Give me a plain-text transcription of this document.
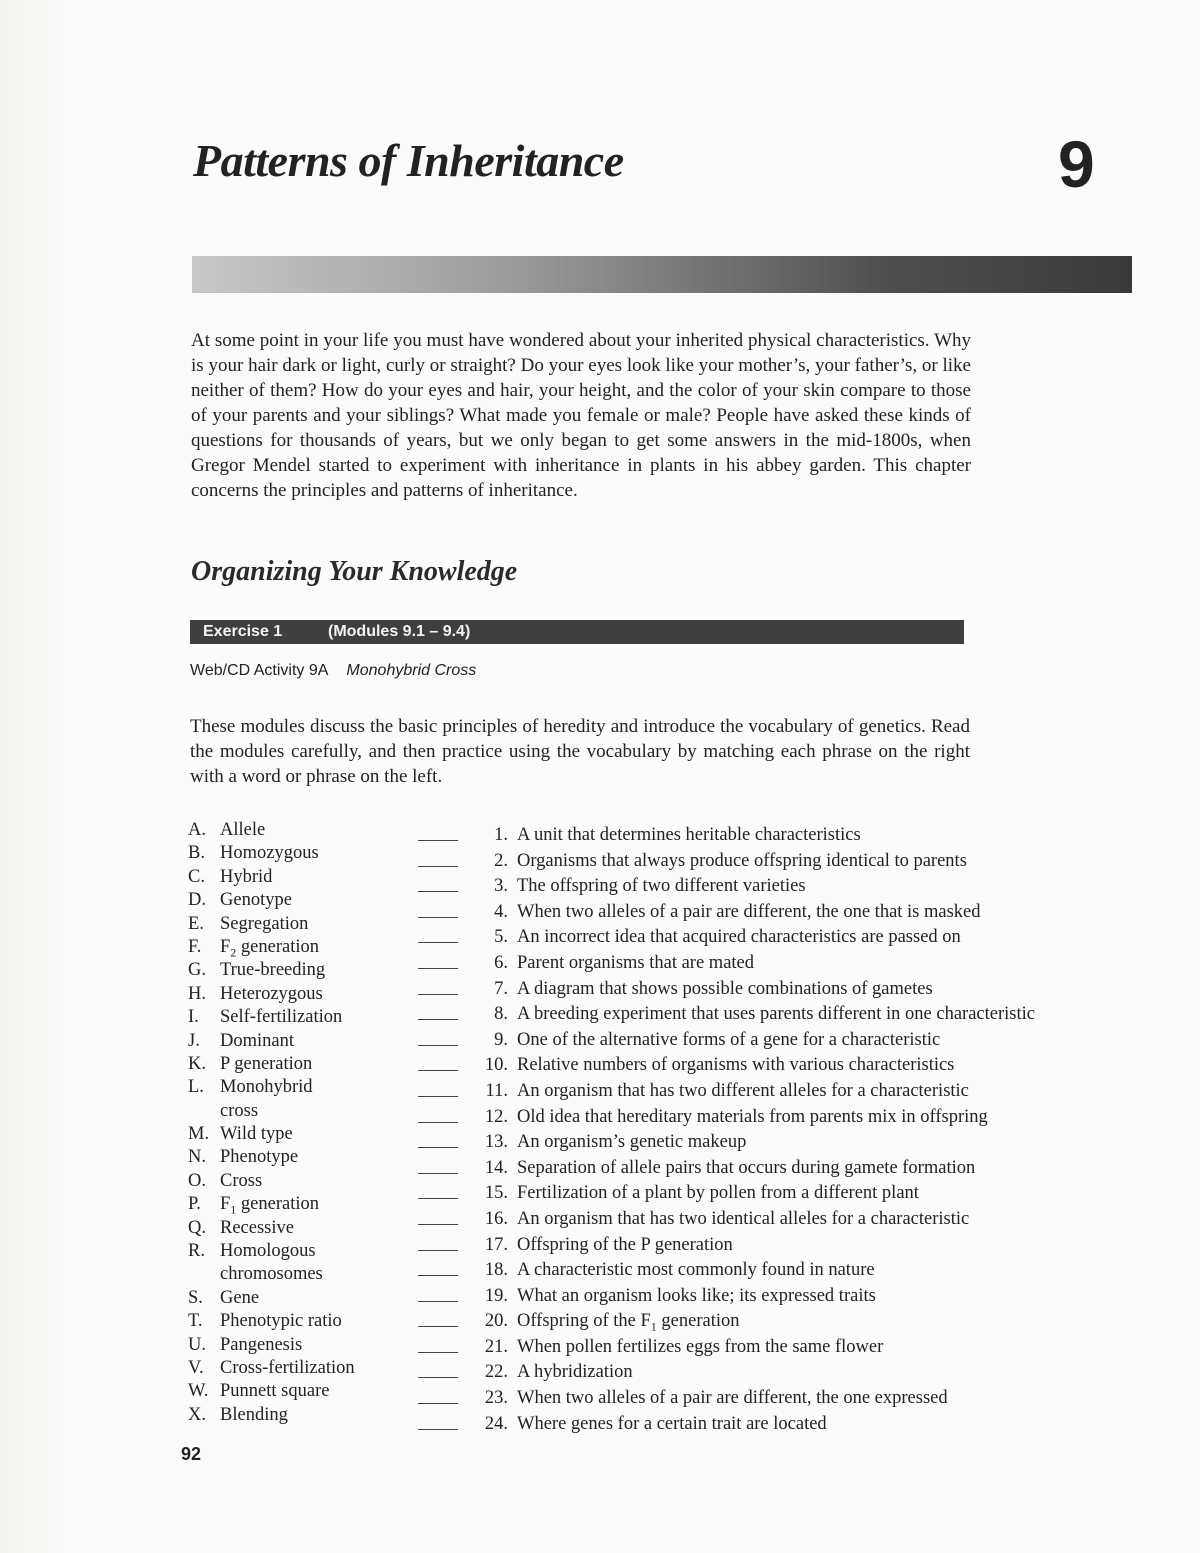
Patterns of Inheritance	9
At some point in your life you must have wondered about your inherited physical characteristics. Why is your hair dark or light, curly or straight? Do your eyes look like your mother’s, your father’s, or like neither of them? How do your eyes and hair, your height, and the color of your skin compare to those of your parents and your siblings? What made you female or male? People have asked these kinds of questions for thousands of years, but we only began to get some answers in the mid-1800s, when Gregor Mendel started to experiment with inheritance in plants in his abbey garden. This chapter concerns the principles and patterns of inheritance.
Organizing Your Knowledge
Exercise 1	(Modules 9.1 – 9.4)
Web/CD Activity 9A Monohybrid Cross
These modules discuss the basic principles of heredity and introduce the vocabulary of genetics. Read the modules carefully, and then practice using the vocabulary by matching each phrase on the right with a word or phrase on the left.
A. Allele
B. Homozygous
C. Hybrid
D. Genotype
E. Segregation
F. $F_2$ generation
G. True-breeding
H. Heterozygous
I. Self-fertilization
J. Dominant
K. P generation
L. Monohybrid
cross
M. Wild type
N. Phenotype
O. Cross
P. $F_1$ generation
Q. Recessive
R. Homologous
chromosomes
S. Gene
T. Phenotypic ratio
U. Pangenesis
V. Cross-fertilization
W. Punnett square
X. Blending
1. A unit that determines heritable characteristics
2. Organisms that always produce offspring identical to parents
3. The offspring of two different varieties
4. When two alleles of a pair are different, the one that is masked
5. An incorrect idea that acquired characteristics are passed on
6. Parent organisms that are mated
7. A diagram that shows possible combinations of gametes
8. A breeding experiment that uses parents different in one characteristic
9. One of the alternative forms of a gene for a characteristic
10. Relative numbers of organisms with various characteristics
11. An organism that has two different alleles for a characteristic
12. Old idea that hereditary materials from parents mix in offspring
13. An organism’s genetic makeup
14. Separation of allele pairs that occurs during gamete formation
15. Fertilization of a plant by pollen from a different plant
16. An organism that has two identical alleles for a characteristic
17. Offspring of the P generation
18. A characteristic most commonly found in nature
19. What an organism looks like; its expressed traits
20. Offspring of the $F_1$ generation
21. When pollen fertilizes eggs from the same flower
22. A hybridization
23. When two alleles of a pair are different, the one expressed
24. Where genes for a certain trait are located
92
